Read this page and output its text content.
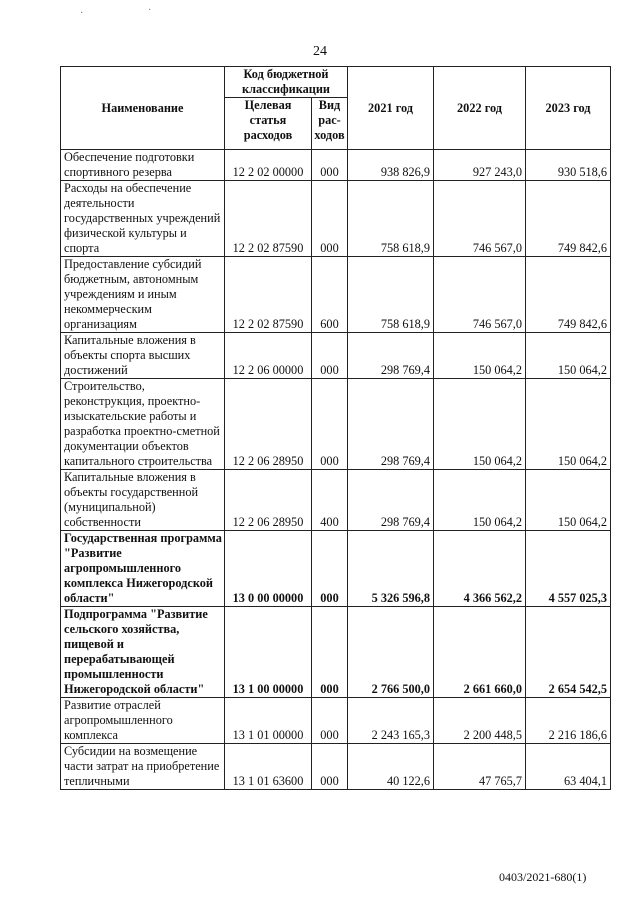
·	·
24
Наименование	Код бюджетной классификации		2021 год	2022 год	2023 год
	Целевая статья расходов	Вид рас-ходов			
Обеспечение подготовки спортивного резерва	12 2 02 00000	000	938 826,9	927 243,0	930 518,6
Расходы на обеспечение деятельности государственных учреждений физической культуры и спорта	12 2 02 87590	000	758 618,9	746 567,0	749 842,6
Предоставление субсидий бюджетным, автономным учреждениям и иным некоммерческим организациям	12 2 02 87590	600	758 618,9	746 567,0	749 842,6
Капитальные вложения в объекты спорта высших достижений	12 2 06 00000	000	298 769,4	150 064,2	150 064,2
Строительство, реконструкция, проектно-изыскательские работы и разработка проектно-сметной документации объектов капитального строительства	12 2 06 28950	000	298 769,4	150 064,2	150 064,2
Капитальные вложения в объекты государственной (муниципальной) собственности	12 2 06 28950	400	298 769,4	150 064,2	150 064,2
Государственная программа "Развитие агропромышленного комплекса Нижегородской области"	13 0 00 00000	000	5 326 596,8	4 366 562,2	4 557 025,3
Подпрограмма "Развитие сельского хозяйства, пищевой и перерабатывающей промышленности Нижегородской области"	13 1 00 00000	000	2 766 500,0	2 661 660,0	2 654 542,5
Развитие отраслей агропромышленного комплекса	13 1 01 00000	000	2 243 165,3	2 200 448,5	2 216 186,6
Субсидии на возмещение части затрат на приобретение тепличными	13 1 01 63600	000	40 122,6	47 765,7	63 404,1
0403/2021-680(1)
